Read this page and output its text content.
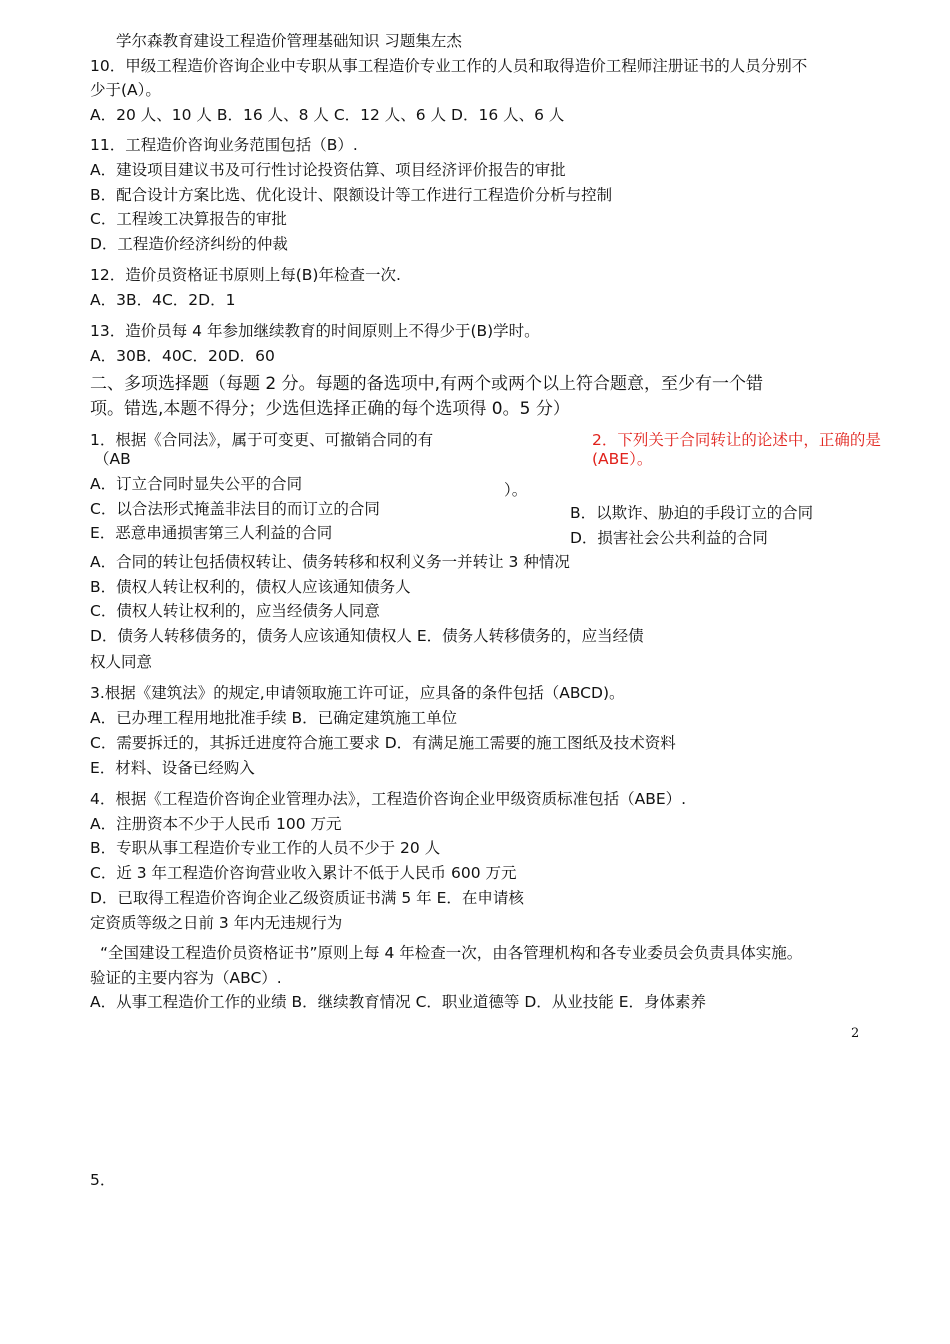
学尔森教育建设工程造价管理基础知识 习题集左杰
10．甲级工程造价咨询企业中专职从事工程造价专业工作的人员和取得造价工程师注册证书的人员分别不
少于(A）。
A．20 人、10 人 B．16 人、8 人 C．12 人、6 人 D．16 人、6 人
11．工程造价咨询业务范围包括（B）.
A．建设项目建议书及可行性讨论投资估算、项目经济评价报告的审批
B．配合设计方案比选、优化设计、限额设计等工作进行工程造价分析与控制
C．工程竣工决算报告的审批
D．工程造价经济纠纷的仲裁
12．造价员资格证书原则上每(B)年检查一次.
A．3B．4C．2D．1
13．造价员每 4 年参加继续教育的时间原则上不得少于(B)学时。
A．30B．40C．20D．60
二、多项选择题（每题 2 分。每题的备选项中,有两个或两个以上符合题意，至少有一个错
项。错选,本题不得分；少选但选择正确的每个选项得 0。5 分）
1．根据《合同法》，属于可变更、可撤销合同的有
（AB
2．下列关于合同转让的论述中，正确的是
(ABE）。
A．订立合同时显失公平的合同	）。
C．以合法形式掩盖非法目的而订立的合同	B．以欺诈、胁迫的手段订立的合同
E．恶意串通损害第三人利益的合同	D．损害社会公共利益的合同
A．合同的转让包括债权转让、债务转移和权利义务一并转让 3 种情况
B．债权人转让权利的，债权人应该通知债务人
C．债权人转让权利的，应当经债务人同意
D．债务人转移债务的，债务人应该通知债权人 E．债务人转移债务的，应当经债
权人同意
3.根据《建筑法》的规定,申请领取施工许可证，应具备的条件包括（ABCD)。
A．已办理工程用地批准手续 B．已确定建筑施工单位
C．需要拆迁的，其拆迁进度符合施工要求 D．有满足施工需要的施工图纸及技术资料
E．材料、设备已经购入
4．根据《工程造价咨询企业管理办法》，工程造价咨询企业甲级资质标准包括（ABE）.
A．注册资本不少于人民币 100 万元
B．专职从事工程造价专业工作的人员不少于 20 人
C．近 3 年工程造价咨询营业收入累计不低于人民币 600 万元
D．已取得工程造价咨询企业乙级资质证书满 5 年 E．在申请核
定资质等级之日前 3 年内无违规行为
“全国建设工程造价员资格证书”原则上每 4 年检查一次，由各管理机构和各专业委员会负责具体实施。
验证的主要内容为（ABC）.
A．从事工程造价工作的业绩 B．继续教育情况 C．职业道德等 D．从业技能 E．身体素养
2
5．
